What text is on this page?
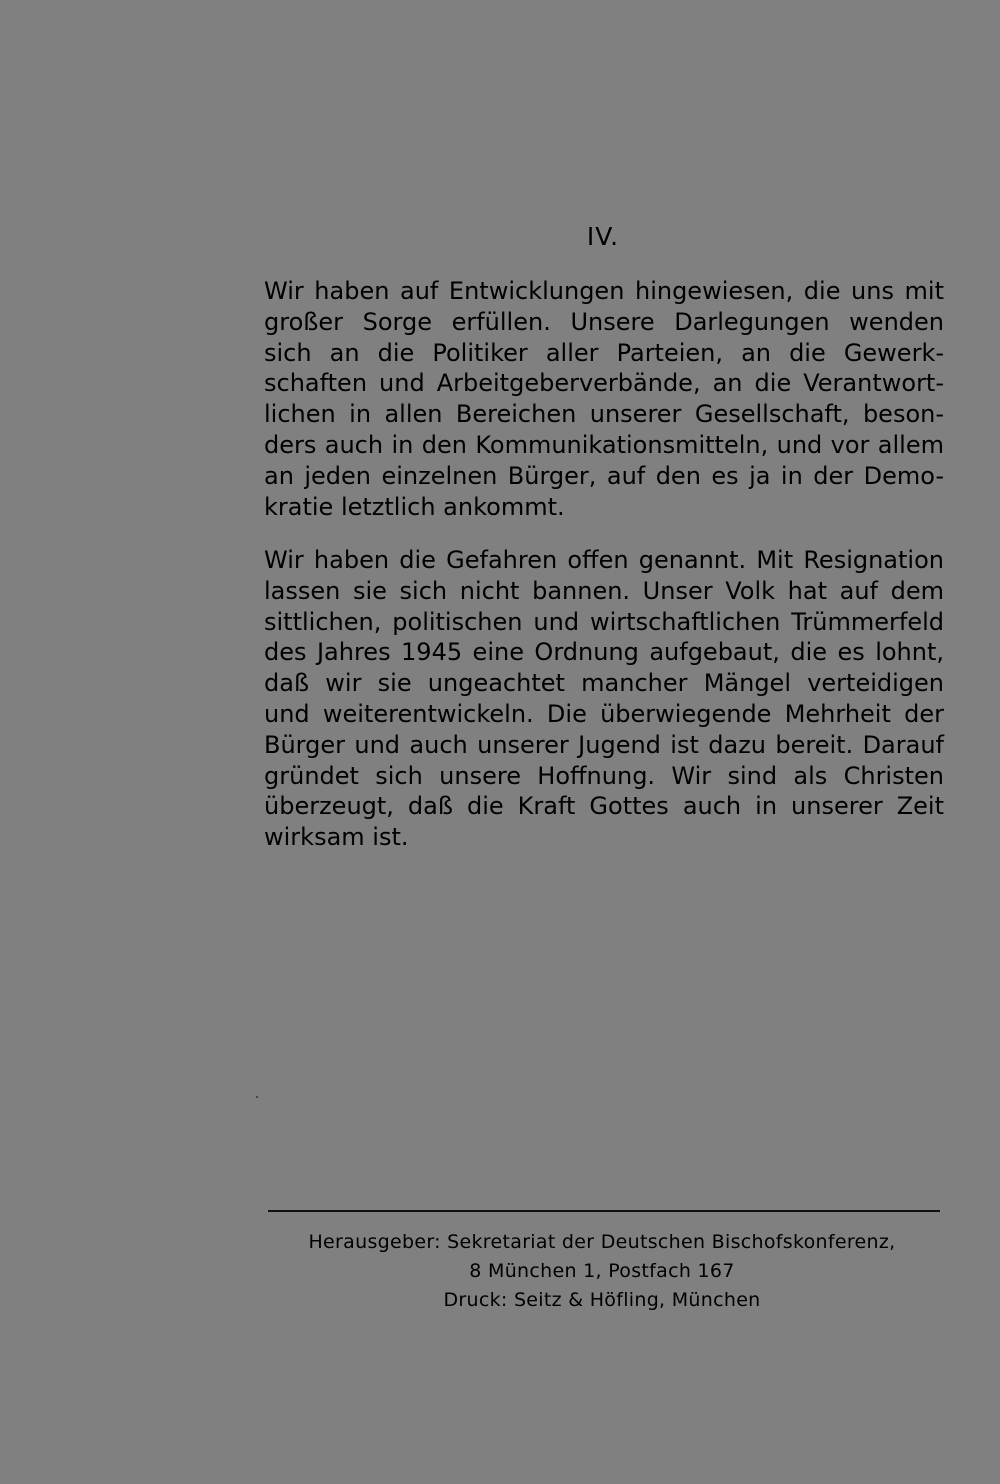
IV.
Wir haben auf Entwicklungen hingewiesen, die uns mit
großer Sorge erfüllen. Unsere Darlegungen wenden
sich an die Politiker aller Parteien, an die Gewerk-
schaften und Arbeitgeberverbände, an die Verantwort-
lichen in allen Bereichen unserer Gesellschaft, beson-
ders auch in den Kommunikationsmitteln, und vor allem
an jeden einzelnen Bürger, auf den es ja in der Demo-
kratie letztlich ankommt.
Wir haben die Gefahren offen genannt. Mit Resignation
lassen sie sich nicht bannen. Unser Volk hat auf dem
sittlichen, politischen und wirtschaftlichen Trümmerfeld
des Jahres 1945 eine Ordnung aufgebaut, die es lohnt,
daß wir sie ungeachtet mancher Mängel verteidigen
und weiterentwickeln. Die überwiegende Mehrheit der
Bürger und auch unserer Jugend ist dazu bereit. Darauf
gründet sich unsere Hoffnung. Wir sind als Christen
überzeugt, daß die Kraft Gottes auch in unserer Zeit
wirksam ist.
Herausgeber: Sekretariat der Deutschen Bischofskonferenz,
8 München 1, Postfach 167
Druck: Seitz & Höfling, München
